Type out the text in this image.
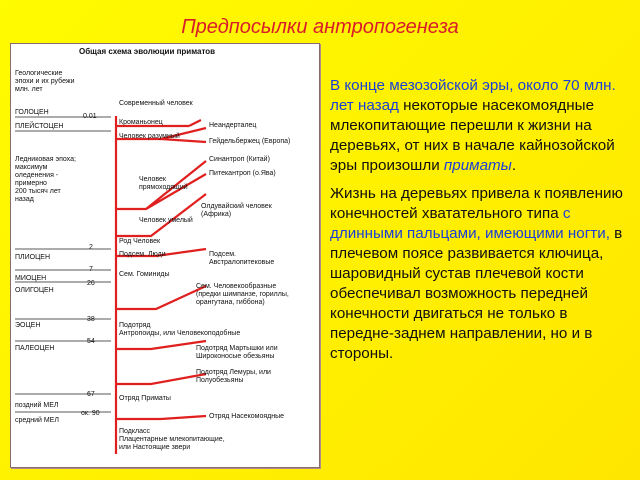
Предпосылки антропогенеза
Общая схема эволюции приматов
Геологические
эпохи и их рубежи
млн. лет
ГОЛОЦЕН
ПЛЕЙСТОЦЕН
Ледниковая эпоха;
максимум
оледенения -
примерно
200 тысяч лет
назад
ПЛИОЦЕН
МИОЦЕН
ОЛИГОЦЕН
ЭОЦЕН
ПАЛЕОЦЕН
поздний МЕЛ
средний МЕЛ
0.01
2
7
26
38
54
67
ок. 90
Современный человек
Кроманьонец	Неандерталец
Человек разумный
Гейдельбержец (Европа)
Синантроп (Китай)
Питекантроп (о.Ява)
Человек
прямоходящий
Олдувайский человек
(Африка)
Человек умелый
Род Человек
Подсем. Люди	Подсем.
Австралопитековые
Сем. Гоминиды
Сем. Человекообразные
(предки шимпанзе, гориллы,
орангутана, гиббона)
Подотряд
Антропоиды, или Человекоподобные
Подотряд Мартышки или
Широконосые обезьяны
Подотряд Лемуры, или
Полуобезьяны
Отряд Приматы
Отряд Насекомоядные
Подкласс
Плацентарные млекопитающие,
или Настоящие звери

В конце мезозойской эры, около 70 млн. лет назад некоторые насекомоядные млекопитающие перешли к жизни на деревьях, от них в начале кайнозойской эры произошли приматы.

Жизнь на деревьях привела к появлению конечностей хватательного типа с длинными пальцами, имеющими ногти, в плечевом поясе развивается ключица, шаровидный сустав плечевой кости обеспечивал возможность передней конечности двигаться не только в передне-заднем направлении, но и в стороны.
